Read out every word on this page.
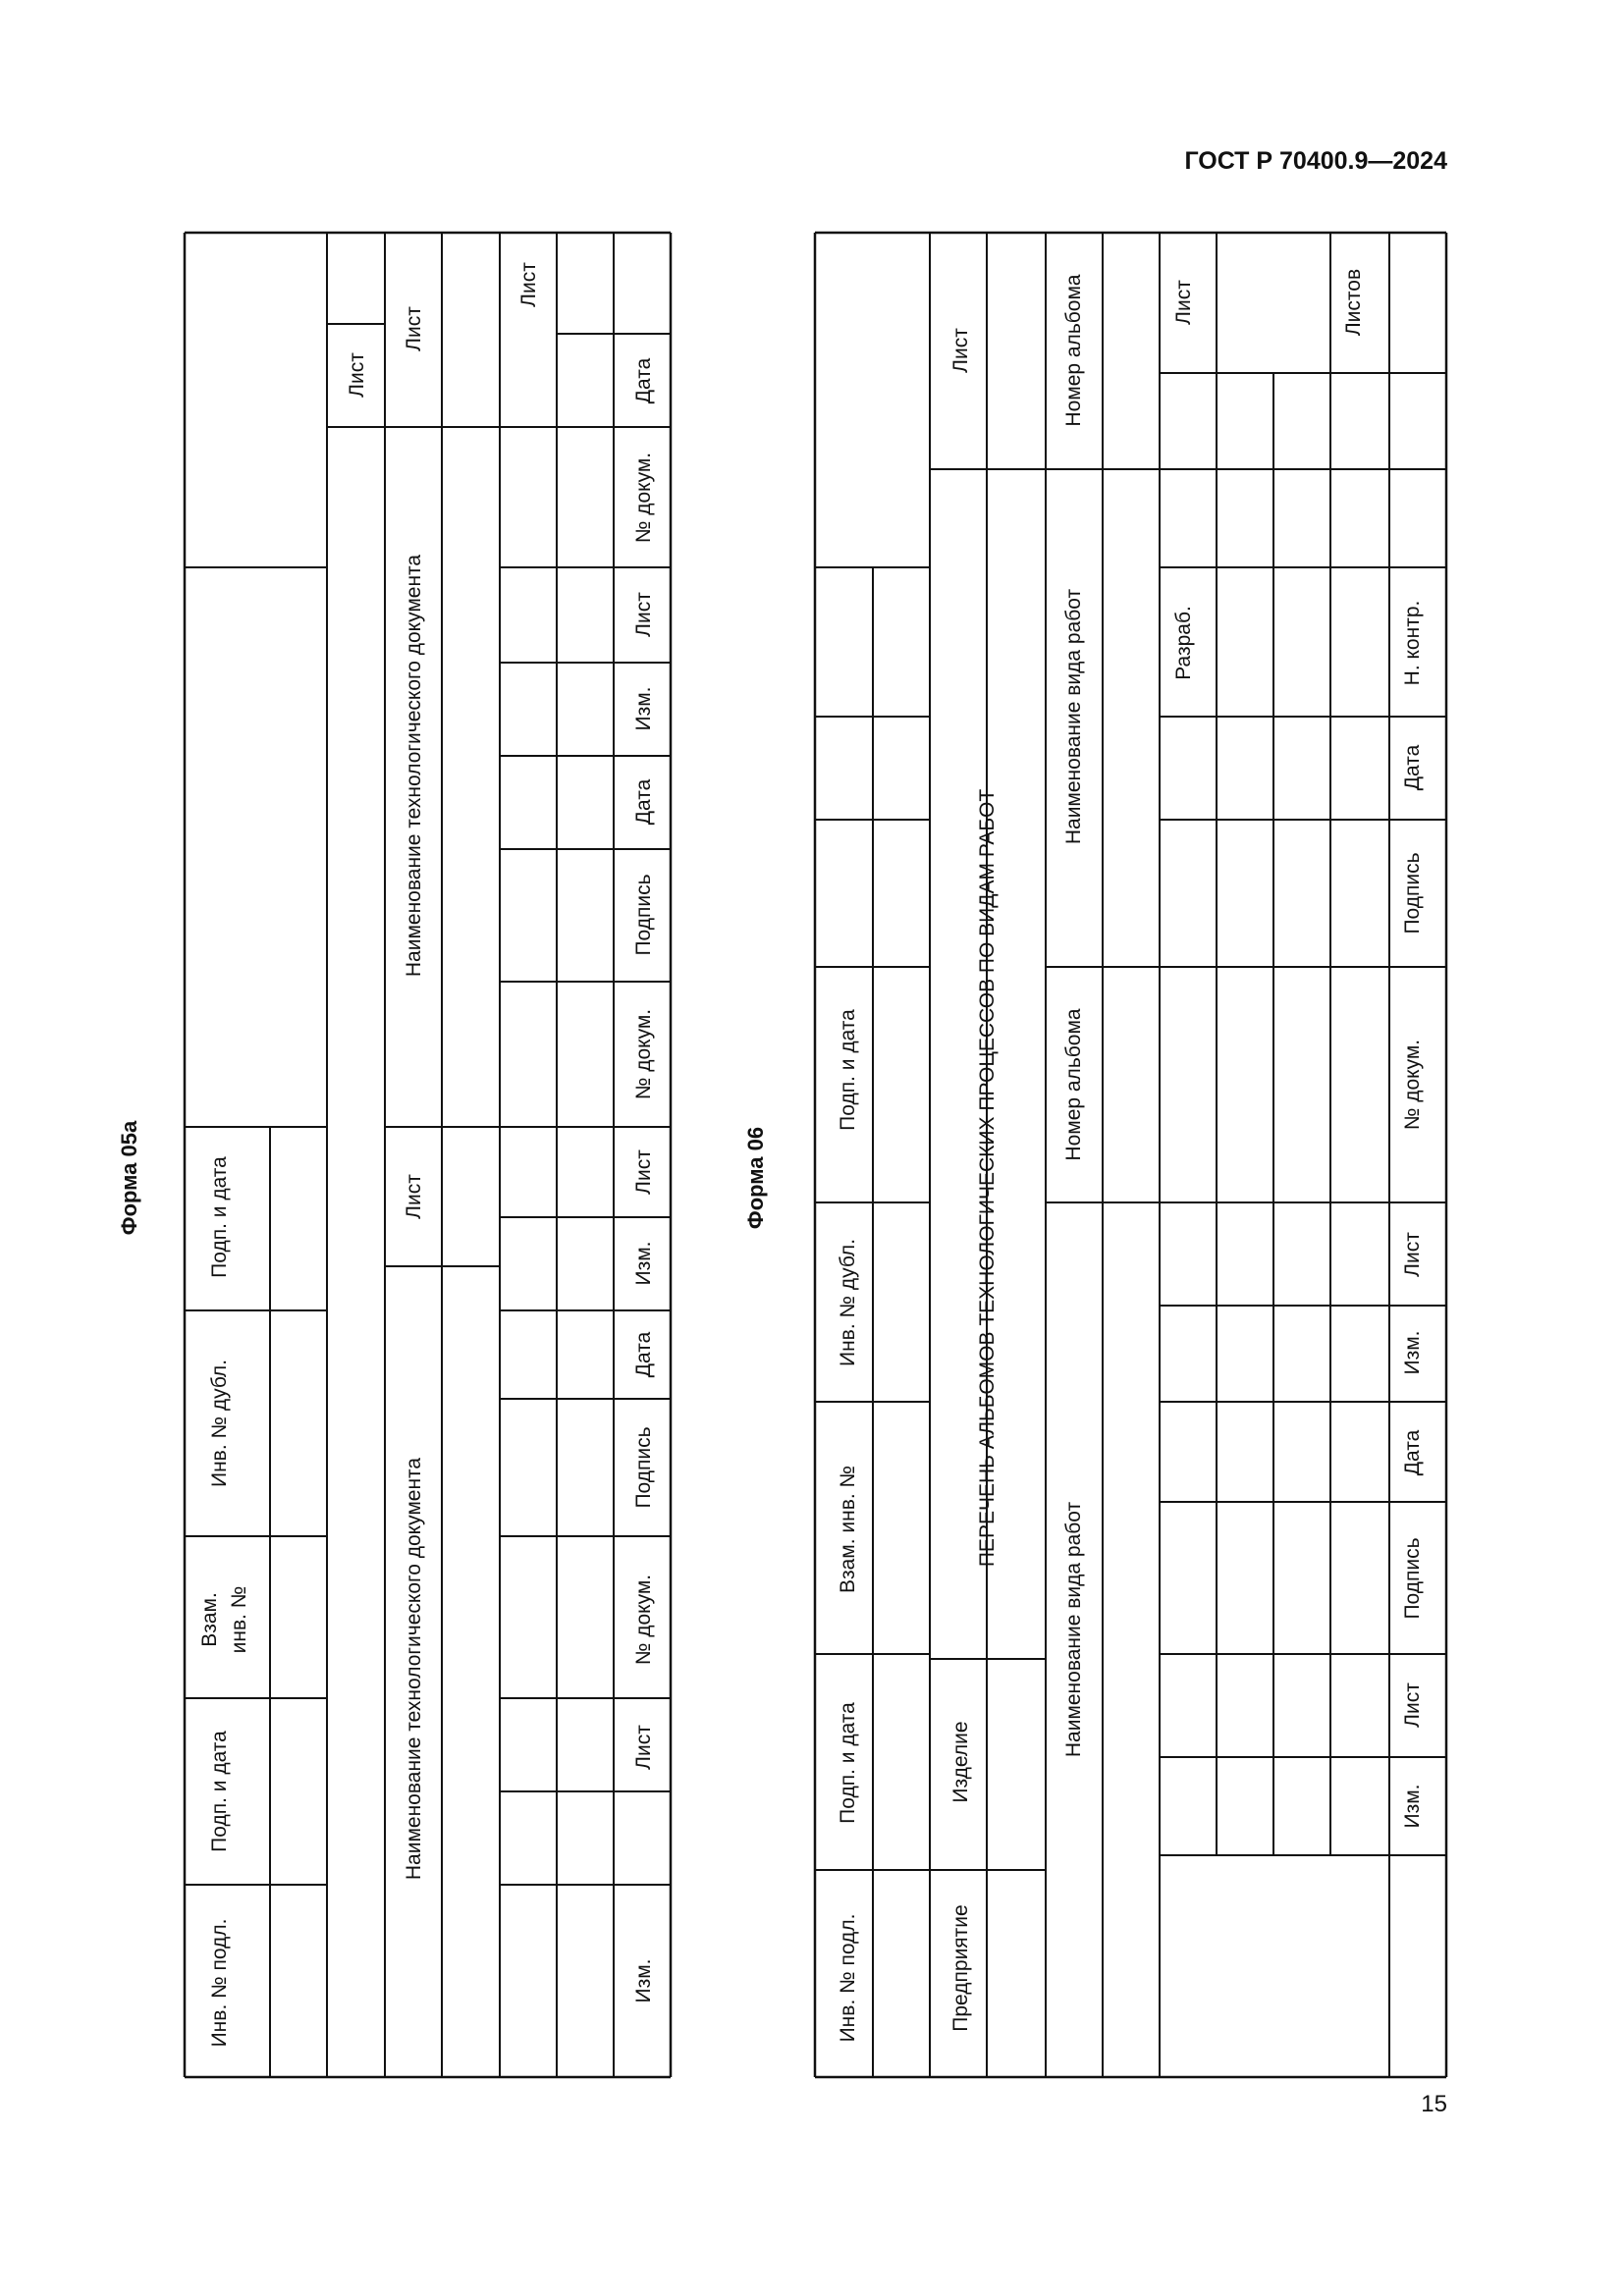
ГОСТ Р 70400.9—2024
15
Форма 05а
Инв. № подл.
Подп. и дата
Взам. инв. №
Инв. № дубл.
Подп. и дата
Наименование технологического документа
Лист
Наименование технологического документа
Лист
Лист
Лист
Изм.
Лист
№ докум.
Подпись
Дата
Изм.
Лист
№ докум.
Подпись
Дата
Изм.
Лист
№ докум.
Дата
Форма 06
Инв. № подл.
Подп. и дата
Взам. инв. №
Инв. № дубл.
Подп. и дата
Предприятие
Изделие
ПЕРЕЧЕНЬ АЛЬБОМОВ ТЕХНОЛОГИЧЕСКИХ ПРОЦЕССОВ ПО ВИДАМ РАБОТ
Лист
Наименование вида работ
Номер альбома
Наименование вида работ
Номер альбома
Разраб.	Н. контр.
Лист	Листов
Изм.
Лист
Подпись
Дата
Изм.
Лист
№ докум.
Подпись
Дата
